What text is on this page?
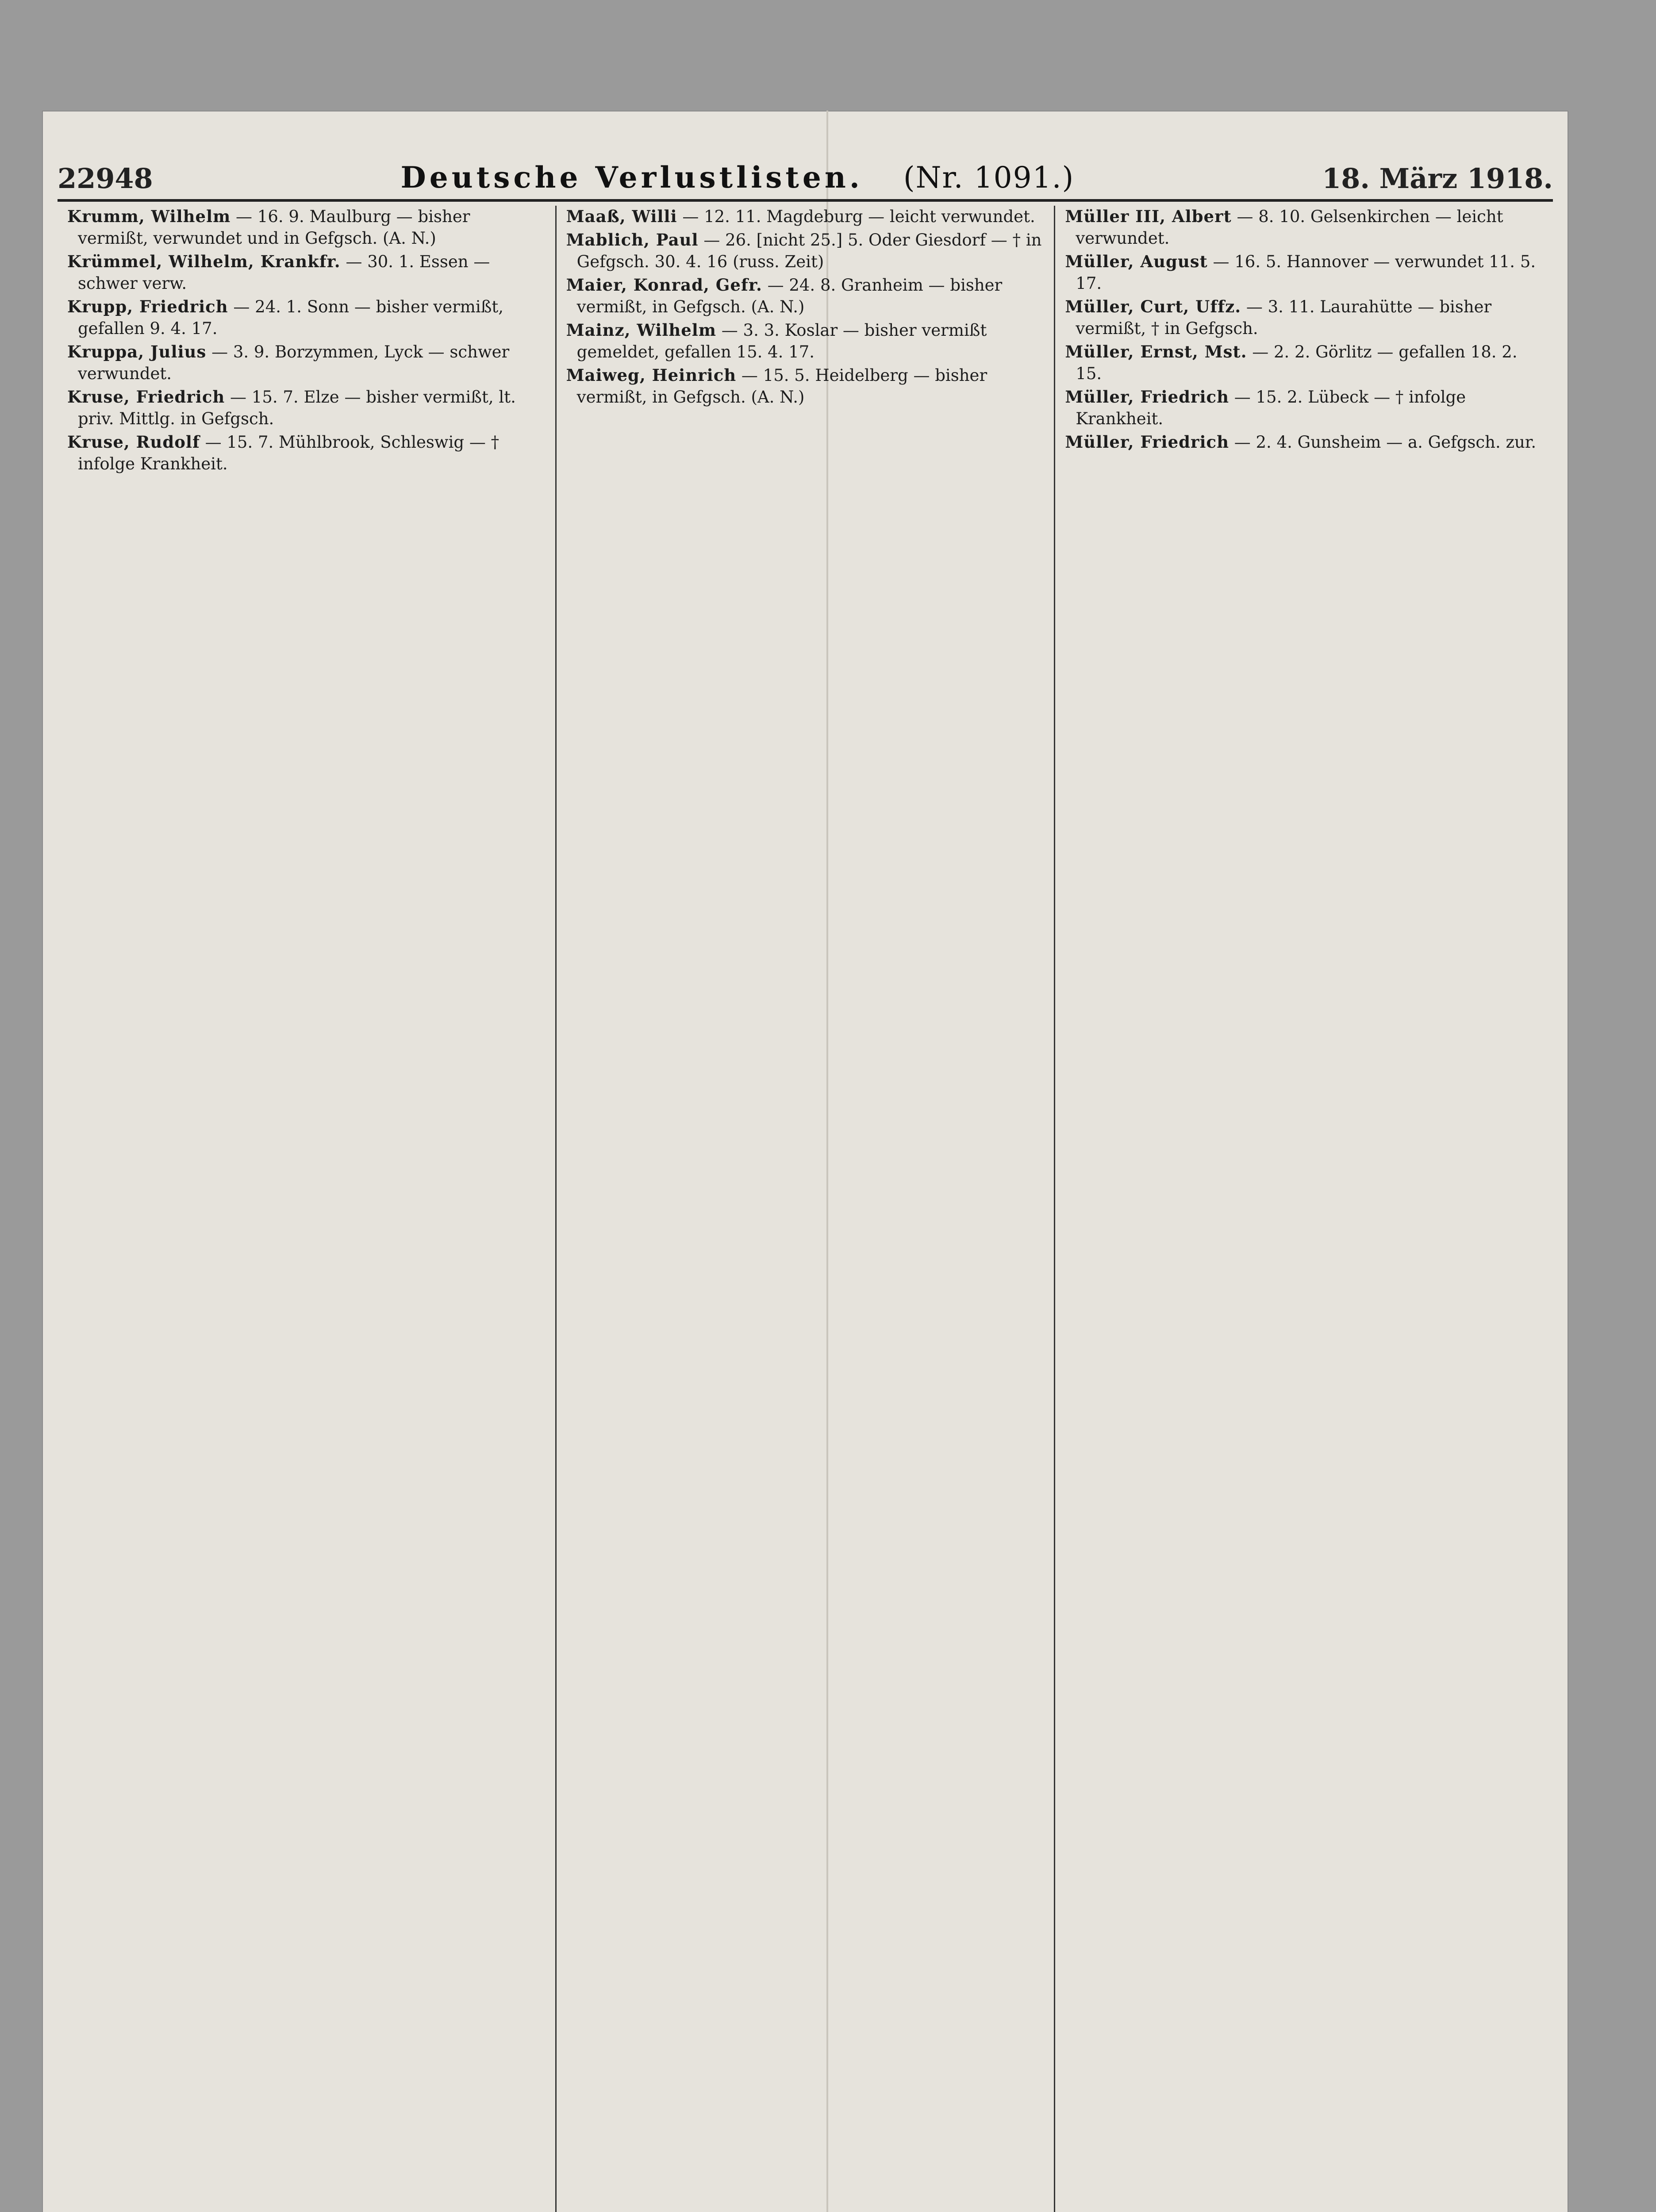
22948	Deutsche Verlustlisten. (Nr. 1091.)	18. März 1918.

Krumm, Wilhelm — 16. 9. Maulburg — bisher vermißt, verwundet und in Gefgsch. (A. N.)

Krümmel, Wilhelm, Krankfr. — 30. 1. Essen — schwer verw.

Krupp, Friedrich — 24. 1. Sonn — bisher vermißt, gefallen 9. 4. 17.

Kruppa, Julius — 3. 9. Borzymmen, Lyck — schwer verwundet.

Kruse, Friedrich — 15. 7. Elze — bisher vermißt, lt. priv. Mittlg. in Gefgsch.

Kruse, Rudolf — 15. 7. Mühlbrook, Schleswig — † infolge Krankheit.

Maaß, Willi — 12. 11. Magdeburg — leicht verwundet.

Mablich, Paul — 26. [nicht 25.] 5. Oder Giesdorf — † in Gefgsch. 30. 4. 16 (russ. Zeit)

Maier, Konrad, Gefr. — 24. 8. Granheim — bisher vermißt, in Gefgsch. (A. N.)

Mainz, Wilhelm — 3. 3. Koslar — bisher vermißt gemeldet, gefallen 15. 4. 17.

Maiweg, Heinrich — 15. 5. Heidelberg — bisher vermißt, in Gefgsch. (A. N.)

Müller III, Albert — 8. 10. Gelsenkirchen — leicht verwundet.

Müller, August — 16. 5. Hannover — verwundet 11. 5. 17.

Müller, Curt, Uffz. — 3. 11. Laurahütte — bisher vermißt, † in Gefgsch.

Müller, Ernst, Mst. — 2. 2. Görlitz — gefallen 18. 2. 15.

Müller, Friedrich — 15. 2. Lübeck — † infolge Krankheit.

Müller, Friedrich — 2. 4. Gunsheim — a. Gefgsch. zur.
